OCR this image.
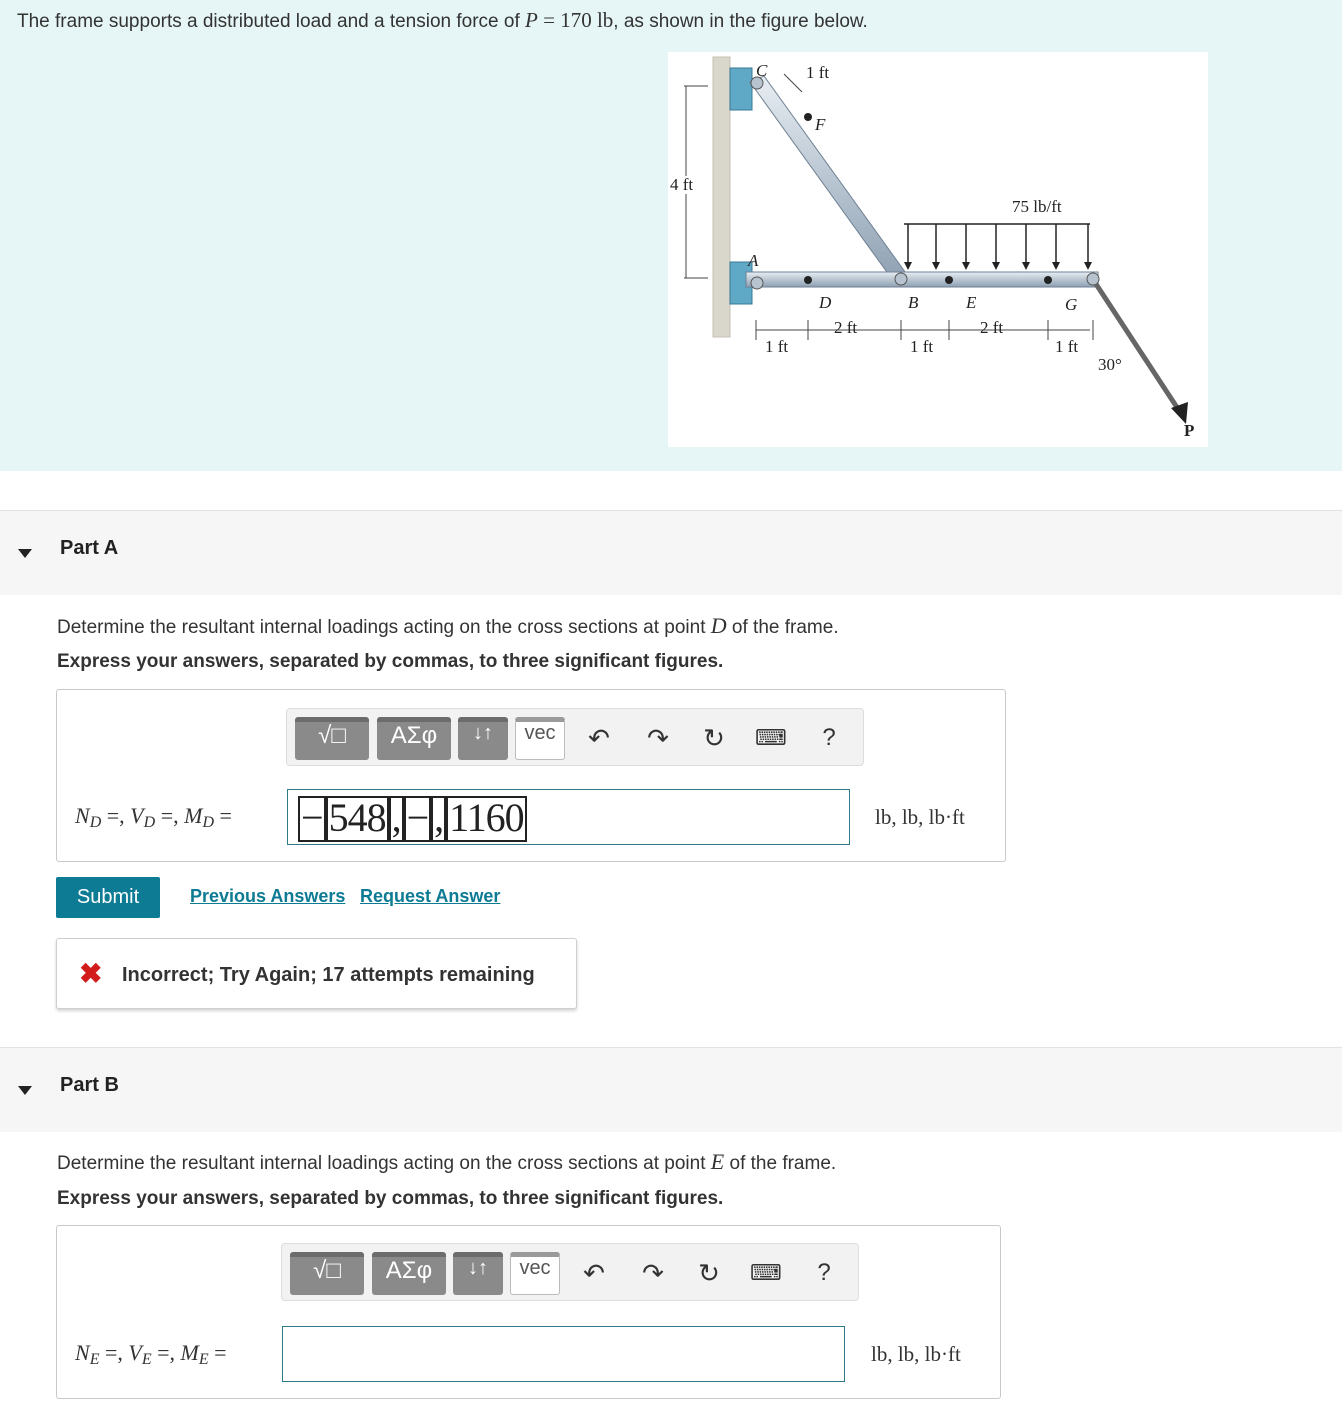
The frame supports a distributed load and a tension force of P = 170 lb, as shown in the figure below.
C 1 ft
F
4 ft
75 lb/ft
A
D	B	E	G
2 ft	2 ft
1 ft	1 ft	1 ft
30°
P
Part A
Determine the resultant internal loadings acting on the cross sections at point D of the frame.
Express your answers, separated by commas, to three significant figures.
√□	ΑΣφ	↓↑	vec	↶ ↷ ↻ ⌨	?
$N_D$ =, $V_D$ =, $M_D$ = − 548 , − , 1160	lb, lb, lb·ft
Submit	Previous Answers Request Answer
✖ Incorrect; Try Again; 17 attempts remaining
Part B
Determine the resultant internal loadings acting on the cross sections at point E of the frame.
Express your answers, separated by commas, to three significant figures.
√□	ΑΣφ	↓↑	vec	↶ ↷ ↻ ⌨	?
$N_E$ =, $V_E$ =, $M_E$ =	lb, lb, lb·ft
